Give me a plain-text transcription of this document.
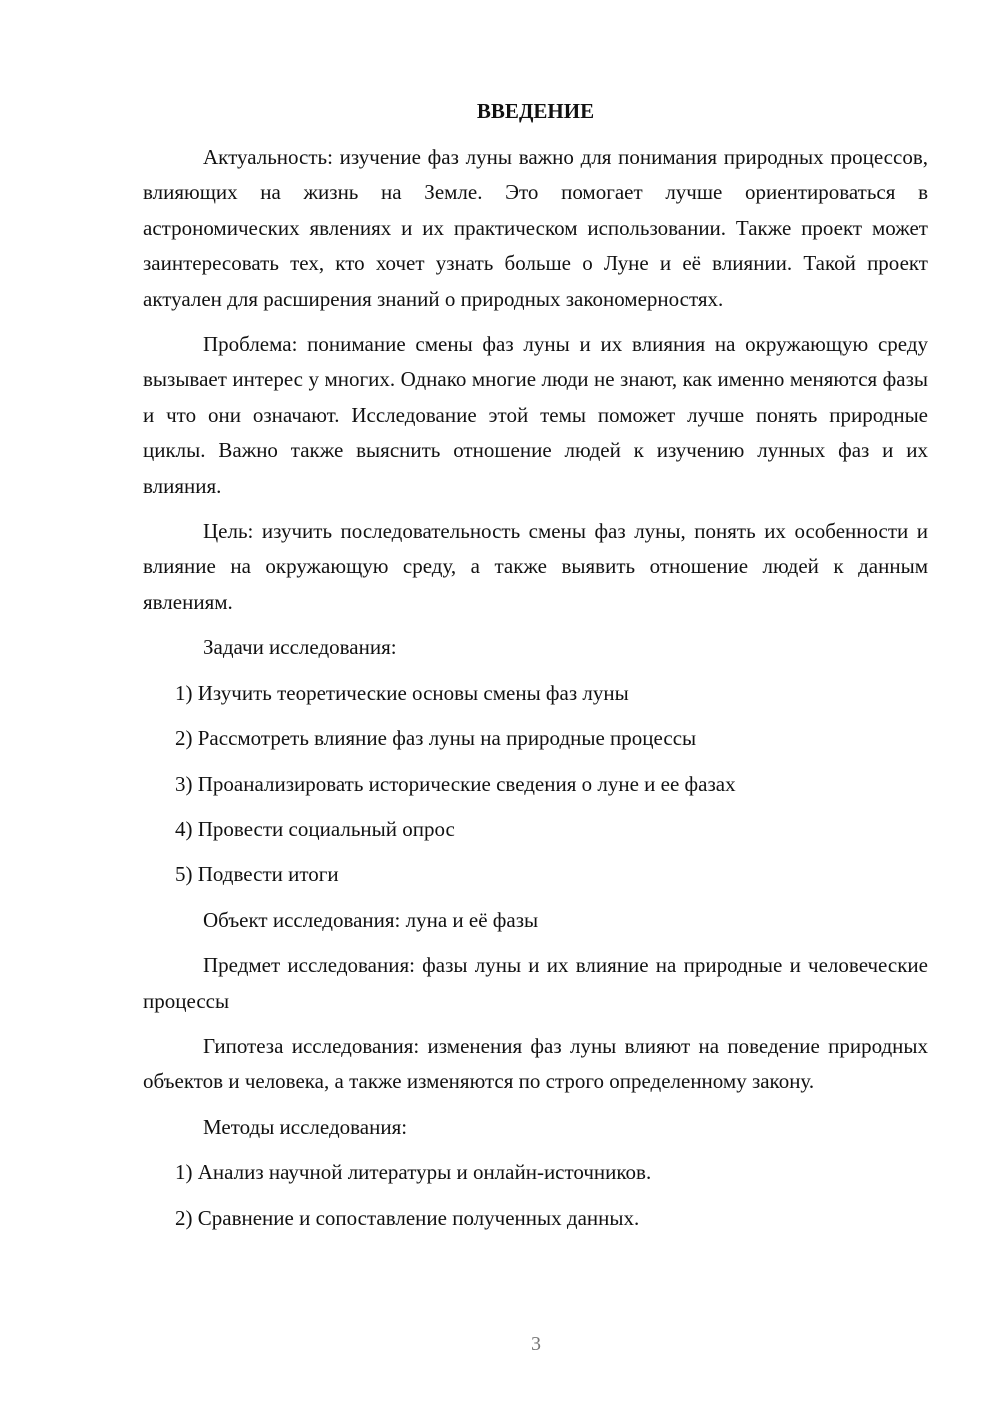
ВВЕДЕНИЕ

Актуальность: изучение фаз луны важно для понимания природных процессов, влияющих на жизнь на Земле. Это помогает лучше ориентироваться в астрономических явлениях и их практическом использовании. Также проект может заинтересовать тех, кто хочет узнать больше о Луне и её влиянии. Такой проект актуален для расширения знаний о природных закономерностях.

Проблема: понимание смены фаз луны и их влияния на окружающую среду вызывает интерес у многих. Однако многие люди не знают, как именно меняются фазы и что они означают. Исследование этой темы поможет лучше понять природные циклы. Важно также выяснить отношение людей к изучению лунных фаз и их влияния.

Цель: изучить последовательность смены фаз луны, понять их особенности и влияние на окружающую среду, а также выявить отношение людей к данным явлениям.

Задачи исследования:

1) Изучить теоретические основы смены фаз луны

2) Рассмотреть влияние фаз луны на природные процессы

3) Проанализировать исторические сведения о луне и ее фазах

4) Провести социальный опрос

5) Подвести итоги

Объект исследования: луна и её фазы

Предмет исследования: фазы луны и их влияние на природные и человеческие процессы

Гипотеза исследования: изменения фаз луны влияют на поведение природных объектов и человека, а также изменяются по строго определенному закону.

Методы исследования:

1) Анализ научной литературы и онлайн-источников.

2) Сравнение и сопоставление полученных данных.

3
